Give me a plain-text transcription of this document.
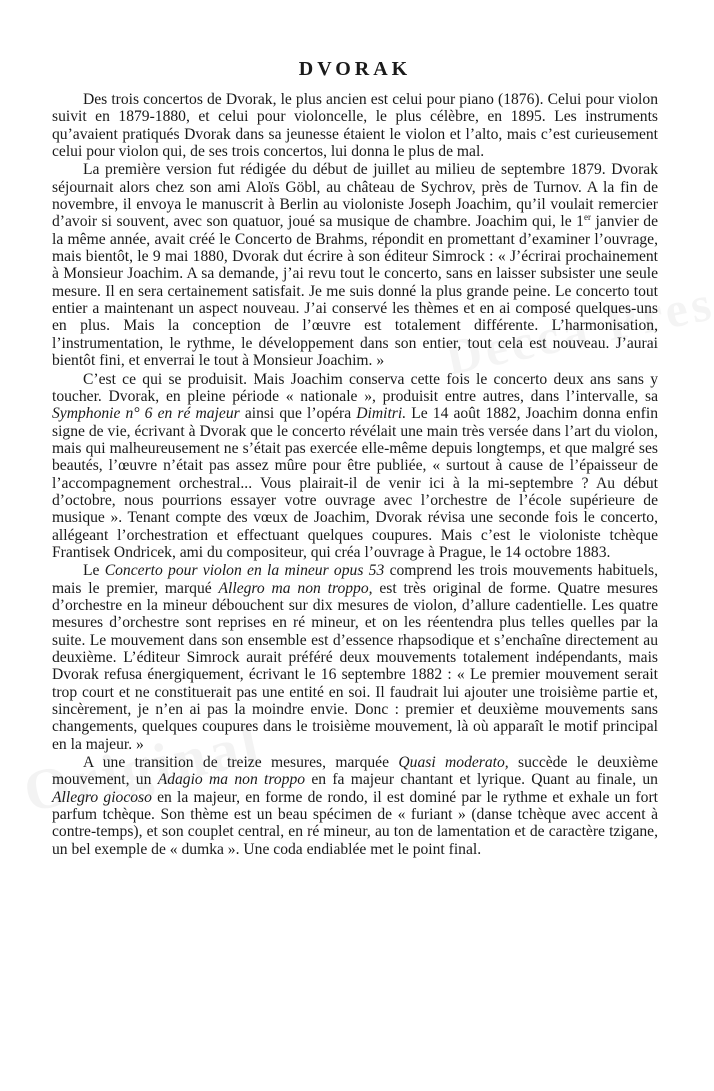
DVORAK

Des trois concertos de Dvorak, le plus ancien est celui pour piano (1876). Celui pour violon suivit en 1879-1880, et celui pour violoncelle, le plus célèbre, en 1895. Les instruments qu’avaient pratiqués Dvorak dans sa jeunesse étaient le violon et l’alto, mais c’est curieusement celui pour violon qui, de ses trois concertos, lui donna le plus de mal.

La première version fut rédigée du début de juillet au milieu de septembre 1879. Dvorak séjournait alors chez son ami Aloïs Göbl, au château de Sychrov, près de Turnov. A la fin de novembre, il envoya le manuscrit à Berlin au violoniste Joseph Joachim, qu’il voulait remercier d’avoir si souvent, avec son quatuor, joué sa musique de chambre. Joachim qui, le 1er janvier de la même année, avait créé le Concerto de Brahms, répondit en promettant d’examiner l’ouvrage, mais bientôt, le 9 mai 1880, Dvorak dut écrire à son éditeur Simrock : « J’écrirai prochainement à Monsieur Joachim. A sa demande, j’ai revu tout le concerto, sans en laisser subsister une seule mesure. Il en sera certainement satisfait. Je me suis donné la plus grande peine. Le concerto tout entier a maintenant un aspect nouveau. J’ai conservé les thèmes et en ai composé quelques-uns en plus. Mais la conception de l’œuvre est totalement différente. L’harmonisation, l’instrumentation, le rythme, le développement dans son entier, tout cela est nouveau. J’aurai bientôt fini, et enverrai le tout à Monsieur Joachim. »

C’est ce qui se produisit. Mais Joachim conserva cette fois le concerto deux ans sans y toucher. Dvorak, en pleine période « nationale », produisit entre autres, dans l’intervalle, sa Symphonie n° 6 en ré majeur ainsi que l’opéra Dimitri. Le 14 août 1882, Joachim donna enfin signe de vie, écrivant à Dvorak que le concerto révélait une main très versée dans l’art du violon, mais qui malheureusement ne s’était pas exercée elle-même depuis longtemps, et que malgré ses beautés, l’œuvre n’était pas assez mûre pour être publiée, « surtout à cause de l’épaisseur de l’accompagnement orchestral... Vous plairait-il de venir ici à la mi-septembre ? Au début d’octobre, nous pourrions essayer votre ouvrage avec l’orchestre de l’école supérieure de musique ». Tenant compte des vœux de Joachim, Dvorak révisa une seconde fois le concerto, allégeant l’orchestration et effectuant quelques coupures. Mais c’est le violoniste tchèque Frantisek Ondricek, ami du compositeur, qui créa l’ouvrage à Prague, le 14 octobre 1883.

Le Concerto pour violon en la mineur opus 53 comprend les trois mouvements habituels, mais le premier, marqué Allegro ma non troppo, est très original de forme. Quatre mesures d’orchestre en la mineur débouchent sur dix mesures de violon, d’allure cadentielle. Les quatre mesures d’orchestre sont reprises en ré mineur, et on les réentendra plus telles quelles par la suite. Le mouvement dans son ensemble est d’essence rhapsodique et s’enchaîne directement au deuxième. L’éditeur Simrock aurait préféré deux mouvements totalement indépendants, mais Dvorak refusa énergiquement, écrivant le 16 septembre 1882 : « Le premier mouvement serait trop court et ne constituerait pas une entité en soi. Il faudrait lui ajouter une troisième partie et, sincèrement, je n’en ai pas la moindre envie. Donc : premier et deuxième mouvements sans changements, quelques coupures dans le troisième mouvement, là où apparaît le motif principal en la majeur. »

A une transition de treize mesures, marquée Quasi moderato, succède le deuxième mouvement, un Adagio ma non troppo en fa majeur chantant et lyrique. Quant au finale, un Allegro giocoso en la majeur, en forme de rondo, il est dominé par le rythme et exhale un fort parfum tchèque. Son thème est un beau spécimen de « furiant » (danse tchèque avec accent à contre-temps), et son couplet central, en ré mineur, au ton de lamentation et de caractère tzigane, un bel exemple de « dumka ». Une coda endiablée met le point final.
